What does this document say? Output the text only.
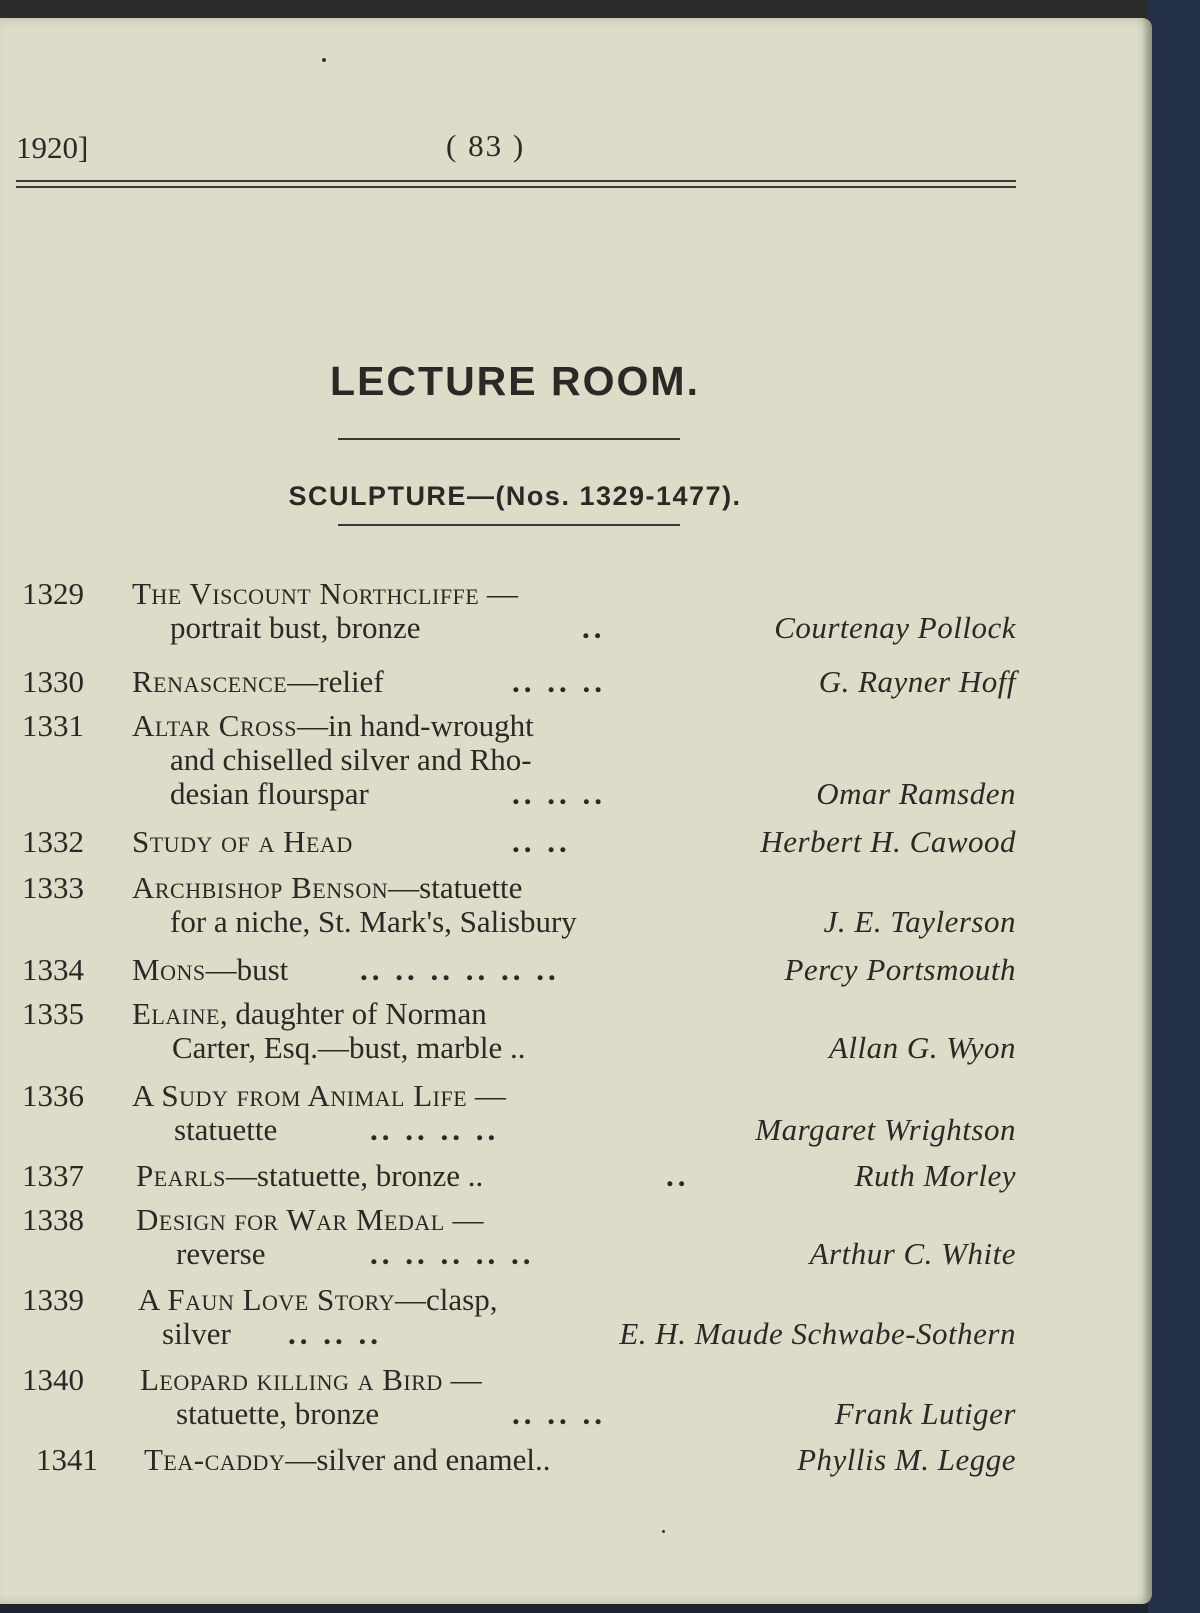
1920]	( 83 )
LECTURE ROOM.
SCULPTURE—(Nos. 1329-1477).
1329 The Viscount Northcliffe —
portrait bust, bronze	..	Courtenay Pollock
1330 Renascence—relief	.. .. ..	G. Rayner Hoff
1331 Altar Cross—in hand-wrought
and chiselled silver and Rho-
desian flourspar	.. .. ..	Omar Ramsden
1332 Study of a Head	.. ..	Herbert H. Cawood
1333 Archbishop Benson—statuette
for a niche, St. Mark's, Salisbury	J. E. Taylerson
1334 Mons—bust .. .. .. .. .. ..	Percy Portsmouth
1335 Elaine, daughter of Norman
Carter, Esq.—bust, marble ..	Allan G. Wyon
1336 A Sudy from Animal Life —
statuette	.. .. .. ..	Margaret Wrightson
1337 Pearls—statuette, bronze ..	..	Ruth Morley
1338 Design for War Medal —
reverse	.. .. .. .. ..	Arthur C. White
1339 A Faun Love Story—clasp,
silver .. .. ..	E. H. Maude Schwabe-Sothern
1340 Leopard killing a Bird —
statuette, bronze	.. .. ..	Frank Lutiger
1341 Tea-caddy—silver and enamel..	Phyllis M. Legge
